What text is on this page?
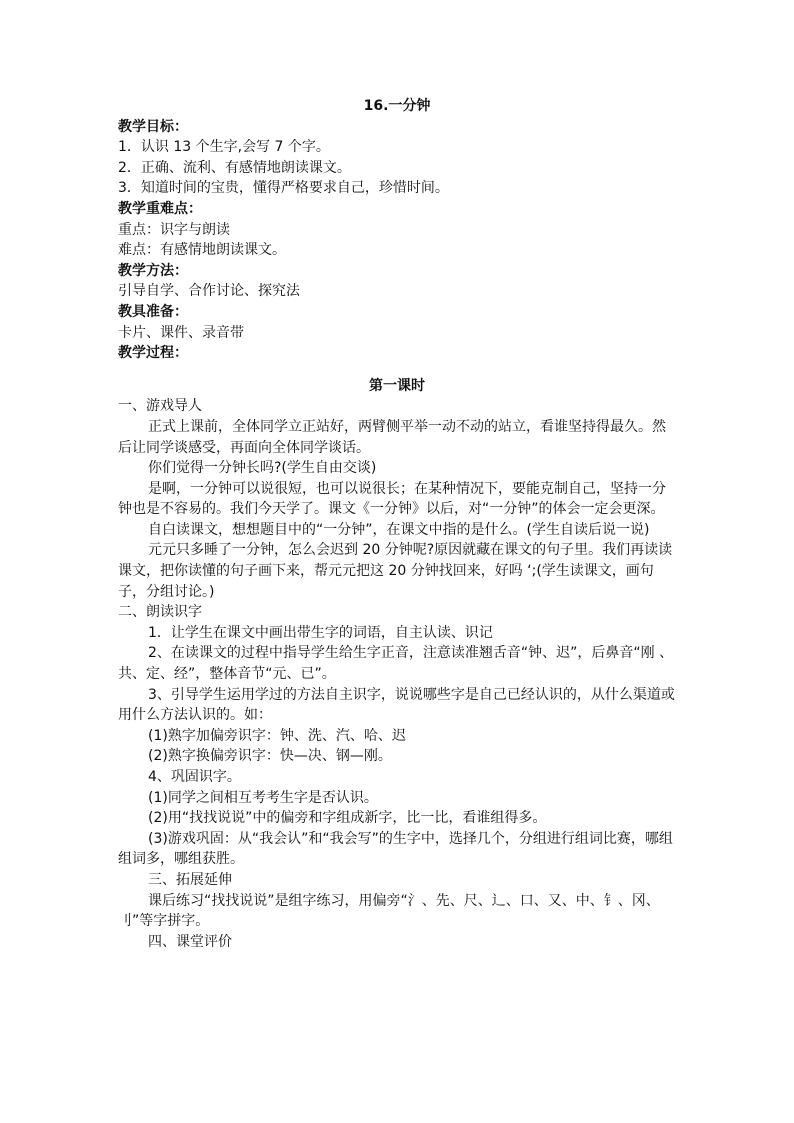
16.一分钟

教学目标：

1．认识 13 个生字,会写 7 个字。

2．正确、流利、有感情地朗读课文。

3．知道时间的宝贵，懂得严格要求自己，珍惜时间。

教学重难点：

重点：识字与朗读

难点：有感情地朗读课文。

教学方法：

引导自学、合作讨论、探究法

教具准备：

卡片、课件、录音带

教学过程：

第一课时

一、游戏导人

正式上课前，全体同学立正站好，两臂侧平举一动不动的站立，看谁坚持得最久。然后让同学谈感受，再面向全体同学谈话。

你们觉得一分钟长吗?(学生自由交谈)

是啊，一分钟可以说很短，也可以说很长；在某种情况下，要能克制自己，坚持一分钟也是不容易的。我们今天学了。课文《一分钟》以后，对“一分钟”的体会一定会更深。

自白读课文，想想题目中的“一分钟”，在课文中指的是什么。(学生自读后说一说)

元元只多睡了一分钟，怎么会迟到 20 分钟呢?原因就藏在课文的句子里。我们再读读课文，把你读懂的句子画下来，帮元元把这 20 分钟找回来，好吗 ‘;(学生读课文，画句子，分组讨论。)

二、朗读识字

1．让学生在课文中画出带生字的词语，自主认读、识记

2、在读课文的过程中指导学生给生字正音，注意读准翘舌音“钟、迟”，后鼻音“刚 、共、定、经”，整体音节“元、已”。

3、引导学生运用学过的方法自主识字，说说哪些字是自己已经认识的，从什么渠道或用什么方法认识的。如：

(1)熟字加偏旁识字：钟、洗、汽、哈、迟

(2)熟字换偏旁识字：快—决、钢—刚。

4、巩固识字。

(1)同学之间相互考考生字是否认识。

(2)用“找找说说”中的偏旁和字组成新字，比一比，看谁组得多。

(3)游戏巩固：从“我会认”和“我会写”的生字中，选择几个，分组进行组词比赛，哪组组词多，哪组获胜。

三、拓展延伸

课后练习“找找说说”是组字练习，用偏旁“氵、先、尺、辶、口、又、中、钅、冈、 刂”等字拼字。

四、课堂评价
